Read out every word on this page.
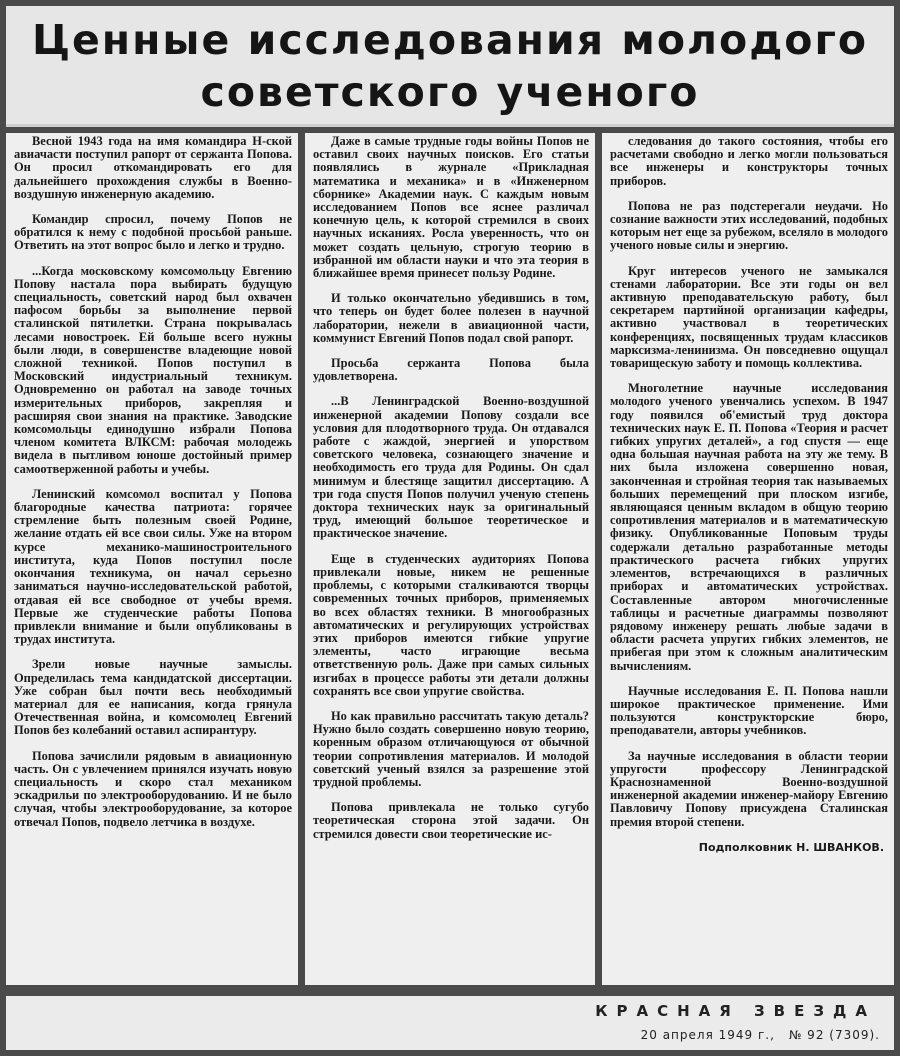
Ценные исследования молодого
советского ученого

Весной 1943 года на имя командира Н-ской авиачасти поступил рапорт от сержанта Попова. Он просил откомандировать его для дальнейшего прохождения службы в Военно-воздушную инженерную академию.

Командир спросил, почему Попов не обратился к нему с подобной просьбой раньше. Ответить на этот вопрос было и легко и трудно.

...Когда московскому комсомольцу Евгению Попову настала пора выбирать будущую специальность, советский народ был охвачен пафосом борьбы за выполнение первой сталинской пятилетки. Страна покрывалась лесами новостроек. Ей больше всего нужны были люди, в совершенстве владеющие новой сложной техникой. Попов поступил в Московский индустриальный техникум. Одновременно он работал на заводе точных измерительных приборов, закрепляя и расширяя свои знания на практике. Заводские комсомольцы единодушно избрали Попова членом комитета ВЛКСМ: рабочая молодежь видела в пытливом юноше достойный пример самоотверженной работы и учебы.

Ленинский комсомол воспитал у Попова благородные качества патриота: горячее стремление быть полезным своей Родине, желание отдать ей все свои силы. Уже на втором курсе механико-машиностроительного института, куда Попов поступил после окончания техникума, он начал серьезно заниматься научно-исследовательской работой, отдавая ей все свободное от учебы время. Первые же студенческие работы Попова привлекли внимание и были опубликованы в трудах института.

Зрели новые научные замыслы. Определилась тема кандидатской диссертации. Уже собран был почти весь необходимый материал для ее написания, когда грянула Отечественная война, и комсомолец Евгений Попов без колебаний оставил аспирантуру.

Попова зачислили рядовым в авиационную часть. Он с увлечением принялся изучать новую специальность и скоро стал механиком эскадрильи по электрооборудованию. И не было случая, чтобы электрооборудование, за которое отвечал Попов, подвело летчика в воздухе.

Даже в самые трудные годы войны Попов не оставил своих научных поисков. Его статьи появлялись в журнале «Прикладная математика и механика» и в «Инженерном сборнике» Академии наук. С каждым новым исследованием Попов все яснее различал конечную цель, к которой стремился в своих научных исканиях. Росла уверенность, что он может создать цельную, строгую теорию в избранной им области науки и что эта теория в ближайшее время принесет пользу Родине.

И только окончательно убедившись в том, что теперь он будет более полезен в научной лаборатории, нежели в авиационной части, коммунист Евгений Попов подал свой рапорт.

Просьба сержанта Попова была удовлетворена.

...В Ленинградской Военно-воздушной инженерной академии Попову создали все условия для плодотворного труда. Он отдавался работе с жаждой, энергией и упорством советского человека, сознающего значение и необходимость его труда для Родины. Он сдал минимум и блестяще защитил диссертацию. А три года спустя Попов получил ученую степень доктора технических наук за оригинальный труд, имеющий большое теоретическое и практическое значение.

Еще в студенческих аудиториях Попова привлекали новые, никем не решенные проблемы, с которыми сталкиваются творцы современных точных приборов, применяемых во всех областях техники. В многообразных автоматических и регулирующих устройствах этих приборов имеются гибкие упругие элементы, часто играющие весьма ответственную роль. Даже при самых сильных изгибах в процессе работы эти детали должны сохранять все свои упругие свойства.

Но как правильно рассчитать такую деталь? Нужно было создать совершенно новую теорию, коренным образом отличающуюся от обычной теории сопротивления материалов. И молодой советский ученый взялся за разрешение этой трудной проблемы.

Попова привлекала не только сугубо теоретическая сторона этой задачи. Он стремился довести свои теоретические ис-

следования до такого состояния, чтобы его расчетами свободно и легко могли пользоваться все инженеры и конструкторы точных приборов.

Попова не раз подстерегали неудачи. Но сознание важности этих исследований, подобных которым нет еще за рубежом, вселяло в молодого ученого новые силы и энергию.

Круг интересов ученого не замыкался стенами лаборатории. Все эти годы он вел активную преподавательскую работу, был секретарем партийной организации кафедры, активно участвовал в теоретических конференциях, посвященных трудам классиков марксизма-ленинизма. Он повседневно ощущал товарищескую заботу и помощь коллектива.

Многолетние научные исследования молодого ученого увенчались успехом. В 1947 году появился об'емистый труд доктора технических наук Е. П. Попова «Теория и расчет гибких упругих деталей», а год спустя — еще одна большая научная работа на эту же тему. В них была изложена совершенно новая, законченная и стройная теория так называемых больших перемещений при плоском изгибе, являющаяся ценным вкладом в общую теорию сопротивления материалов и в математическую физику. Опубликованные Поповым труды содержали детально разработанные методы практического расчета гибких упругих элементов, встречающихся в различных приборах и автоматических устройствах. Составленные автором многочисленные таблицы и расчетные диаграммы позволяют рядовому инженеру решать любые задачи в области расчета упругих гибких элементов, не прибегая при этом к сложным аналитическим вычислениям.

Научные исследования Е. П. Попова нашли широкое практическое применение. Ими пользуются конструкторские бюро, преподаватели, авторы учебников.

За научные исследования в области теории упругости профессору Ленинградской Краснознаменной Военно-воздушной инженерной академии инженер-майору Евгению Павловичу Попову присуждена Сталинская премия второй степени.

Подполковник Н. ШВАНКОВ.
КРАСНАЯ ЗВЕЗДА
20 апреля 1949 г., № 92 (7309).
